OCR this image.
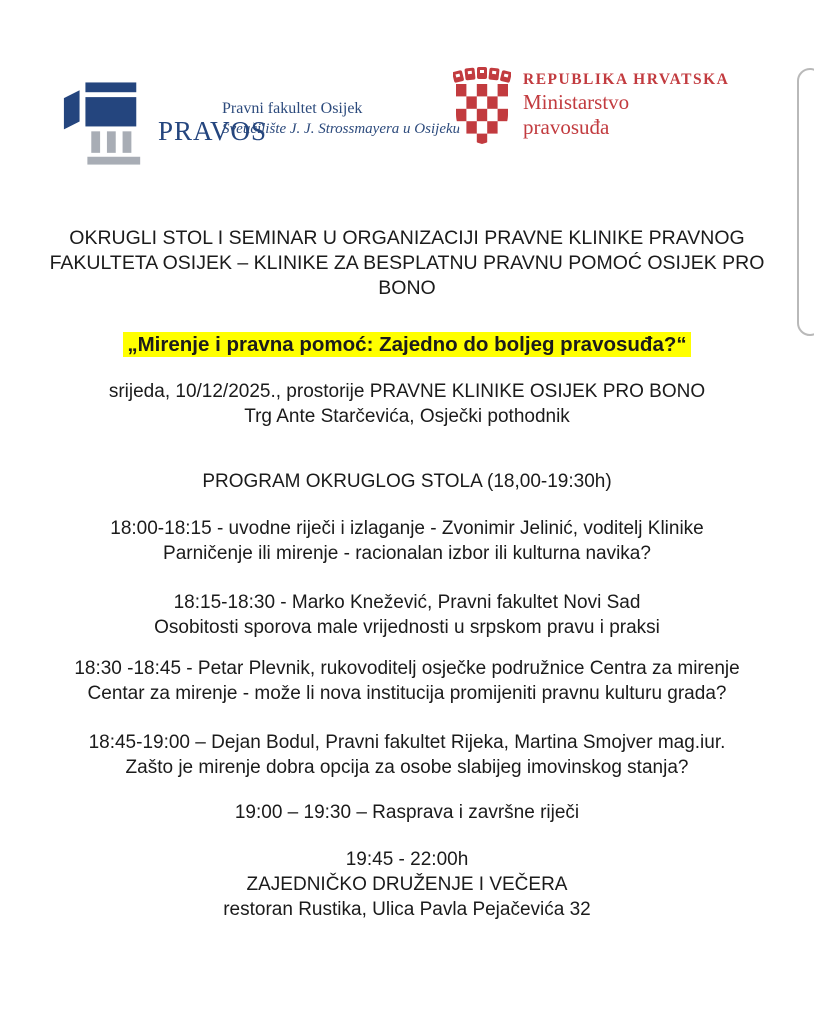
PRAVOS
Pravni fakultet Osijek
Sveučilište J. J. Strossmayera u Osijeku
REPUBLIKA HRVATSKA
Ministarstvo
pravosuđa
OKRUGLI STOL I SEMINAR U ORGANIZACIJI PRAVNE KLINIKE PRAVNOG
FAKULTETA OSIJEK – KLINIKE ZA BESPLATNU PRAVNU POMOĆ OSIJEK PRO
BONO
„Mirenje i pravna pomoć: Zajedno do boljeg pravosuđa?“
srijeda, 10/12/2025., prostorije PRAVNE KLINIKE OSIJEK PRO BONO
Trg Ante Starčevića, Osječki pothodnik
PROGRAM OKRUGLOG STOLA (18,00-19:30h)
18:00-18:15 - uvodne riječi i izlaganje - Zvonimir Jelinić, voditelj Klinike
Parničenje ili mirenje - racionalan izbor ili kulturna navika?
18:15-18:30 - Marko Knežević, Pravni fakultet Novi Sad
Osobitosti sporova male vrijednosti u srpskom pravu i praksi
18:30 -18:45 - Petar Plevnik, rukovoditelj osječke podružnice Centra za mirenje
Centar za mirenje - može li nova institucija promijeniti pravnu kulturu grada?
18:45-19:00 – Dejan Bodul, Pravni fakultet Rijeka, Martina Smojver mag.iur.
Zašto je mirenje dobra opcija za osobe slabijeg imovinskog stanja?
19:00 – 19:30 – Rasprava i završne riječi
19:45 - 22:00h
ZAJEDNIČKO DRUŽENJE I VEČERA
restoran Rustika, Ulica Pavla Pejačevića 32
